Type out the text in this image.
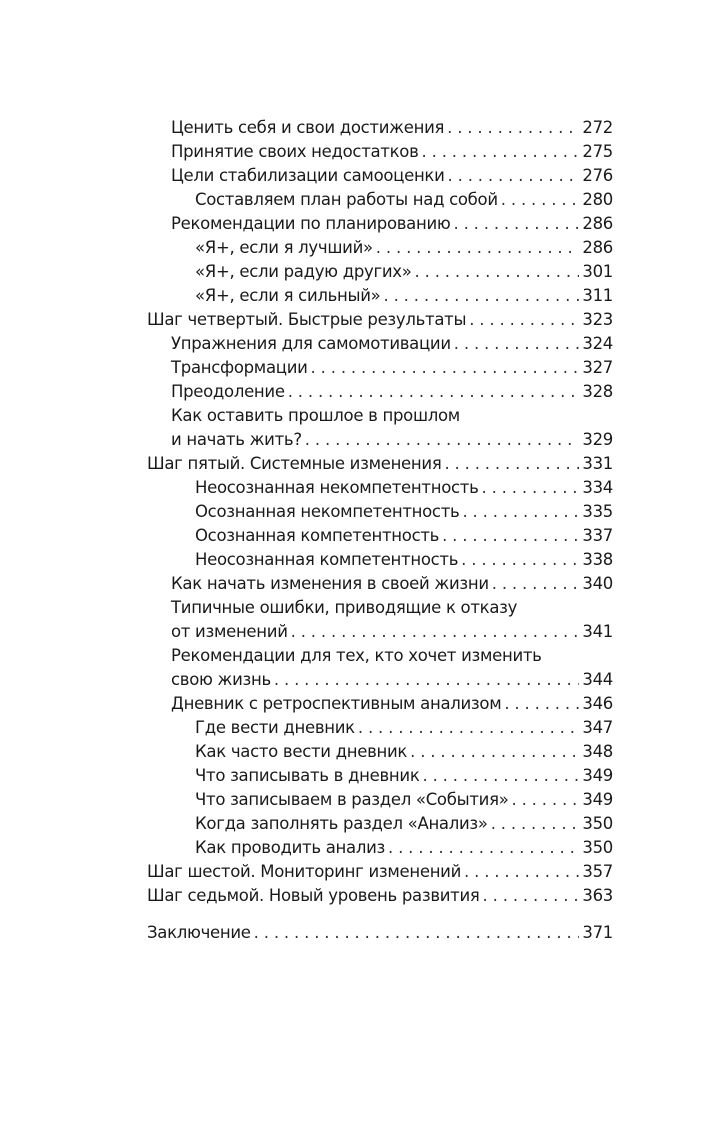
Ценить себя и свои достижения . . .	272
Принятие своих недостатков . . .	275
Цели стабилизации самооценки . . .	276
Составляем план работы над собой . . .	280
Рекомендации по планированию . . .	286
«Я+, если я лучший» . . .	286
«Я+, если радую других» . . .	301
«Я+, если я сильный» . . .	311
Шаг четвертый. Быстрые результаты . . .	323
Упражнения для самомотивации . . .	324
Трансформации . . .	327
Преодоление . . .	328
Как оставить прошлое в прошлом
и начать жить? . . .	329
Шаг пятый. Системные изменения . . .	331
Неосознанная некомпетентность . . .	334
Осознанная некомпетентность . . .	335
Осознанная компетентность . . .	337
Неосознанная компетентность . . .	338
Как начать изменения в своей жизни . . .	340
Типичные ошибки, приводящие к отказу
от изменений . . .	341
Рекомендации для тех, кто хочет изменить
свою жизнь . . .	344
Дневник с ретроспективным анализом . . .	346
Где вести дневник . . .	347
Как часто вести дневник . . .	348
Что записывать в дневник . . .	349
Что записываем в раздел «События» . . .	349
Когда заполнять раздел «Анализ» . . .	350
Как проводить анализ . . .	350
Шаг шестой. Мониторинг изменений . . .	357
Шаг седьмой. Новый уровень развития . . .	363
Заключение . . .	371
